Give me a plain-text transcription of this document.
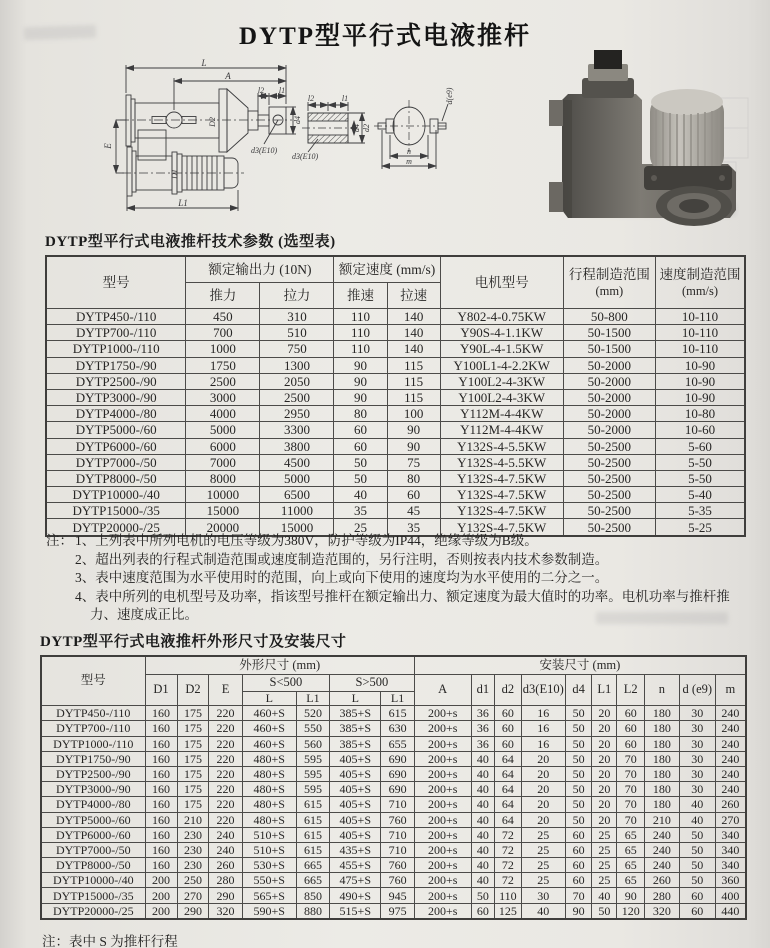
DYTP型平行式电液推杆
L
A
l2 l1
d4
D2
d3(E10)
E
D1
L1
l2	l1
d4 d2
d3(E10)
n
m
d(e9)
DYTP型平行式电液推杆技术参数 (选型表)
型号	额定输出力 (10N)		额定速度 (mm/s)		电机型号	行程制造范围
(mm)	速度制造范围
(mm/s)
	推力	拉力	推速	拉速			
DYTP450-/110	450	310	110	140	Y802-4-0.75KW	50-800	10-110
DYTP700-/110	700	510	110	140	Y90S-4-1.1KW	50-1500	10-110
DYTP1000-/110	1000	750	110	140	Y90L-4-1.5KW	50-1500	10-110
DYTP1750-/90	1750	1300	90	115	Y100L1-4-2.2KW	50-2000	10-90
DYTP2500-/90	2500	2050	90	115	Y100L2-4-3KW	50-2000	10-90
DYTP3000-/90	3000	2500	90	115	Y100L2-4-3KW	50-2000	10-90
DYTP4000-/80	4000	2950	80	100	Y112M-4-4KW	50-2000	10-80
DYTP5000-/60	5000	3300	60	90	Y112M-4-4KW	50-2000	10-60
DYTP6000-/60	6000	3800	60	90	Y132S-4-5.5KW	50-2500	5-60
DYTP7000-/50	7000	4500	50	75	Y132S-4-5.5KW	50-2500	5-50
DYTP8000-/50	8000	5000	50	80	Y132S-4-7.5KW	50-2500	5-50
DYTP10000-/40	10000	6500	40	60	Y132S-4-7.5KW	50-2500	5-40
DYTP15000-/35	15000	11000	35	45	Y132S-4-7.5KW	50-2500	5-35
DYTP20000-/25	20000	15000	25	35	Y132S-4-7.5KW	50-2500	5-25
注： 1、上列表中所列电机的电压等级为380V，防护等级为IP44，绝缘等级为B级。
2、超出列表的行程式制造范围或速度制造范围的，另行注明，否则按表内技术参数制造。
3、表中速度范围为水平使用时的范围，向上或向下使用的速度均为水平使用的二分之一。
4、表中所列的电机型号及功率，指该型号推杆在额定输出力、额定速度为最大值时的功率。电机功率与推杆推力、速度成正比。
DYTP型平行式电液推杆外形尺寸及安装尺寸
型号	外形尺寸 (mm)							安装尺寸 (mm)									
	D1	D2	E	S<500		S>500		A	d1	d2	d3(E10)	d4	L1	L2	n	d (e9)	m
				L	L1	L	L1										
DYTP450-/110	160	175	220	460+S	520	385+S	615	200+s	36	60	16	50	20	60	180	30	240
DYTP700-/110	160	175	220	460+S	550	385+S	630	200+s	36	60	16	50	20	60	180	30	240
DYTP1000-/110	160	175	220	460+S	560	385+S	655	200+s	36	60	16	50	20	60	180	30	240
DYTP1750-/90	160	175	220	480+S	595	405+S	690	200+s	40	64	20	50	20	70	180	30	240
DYTP2500-/90	160	175	220	480+S	595	405+S	690	200+s	40	64	20	50	20	70	180	30	240
DYTP3000-/90	160	175	220	480+S	595	405+S	690	200+s	40	64	20	50	20	70	180	30	240
DYTP4000-/80	160	175	220	480+S	615	405+S	710	200+s	40	64	20	50	20	70	180	40	260
DYTP5000-/60	160	210	220	480+S	615	405+S	760	200+s	40	64	20	50	20	70	210	40	270
DYTP6000-/60	160	230	240	510+S	615	405+S	710	200+s	40	72	25	60	25	65	240	50	340
DYTP7000-/50	160	230	240	510+S	615	435+S	710	200+s	40	72	25	60	25	65	240	50	340
DYTP8000-/50	160	230	260	530+S	665	455+S	760	200+s	40	72	25	60	25	65	240	50	340
DYTP10000-/40	200	250	280	550+S	665	475+S	760	200+s	40	72	25	60	25	65	260	50	360
DYTP15000-/35	200	270	290	565+S	850	490+S	945	200+s	50	110	30	70	40	90	280	60	400
DYTP20000-/25	200	290	320	590+S	880	515+S	975	200+s	60	125	40	90	50	120	320	60	440
注：表中 S 为推杆行程
